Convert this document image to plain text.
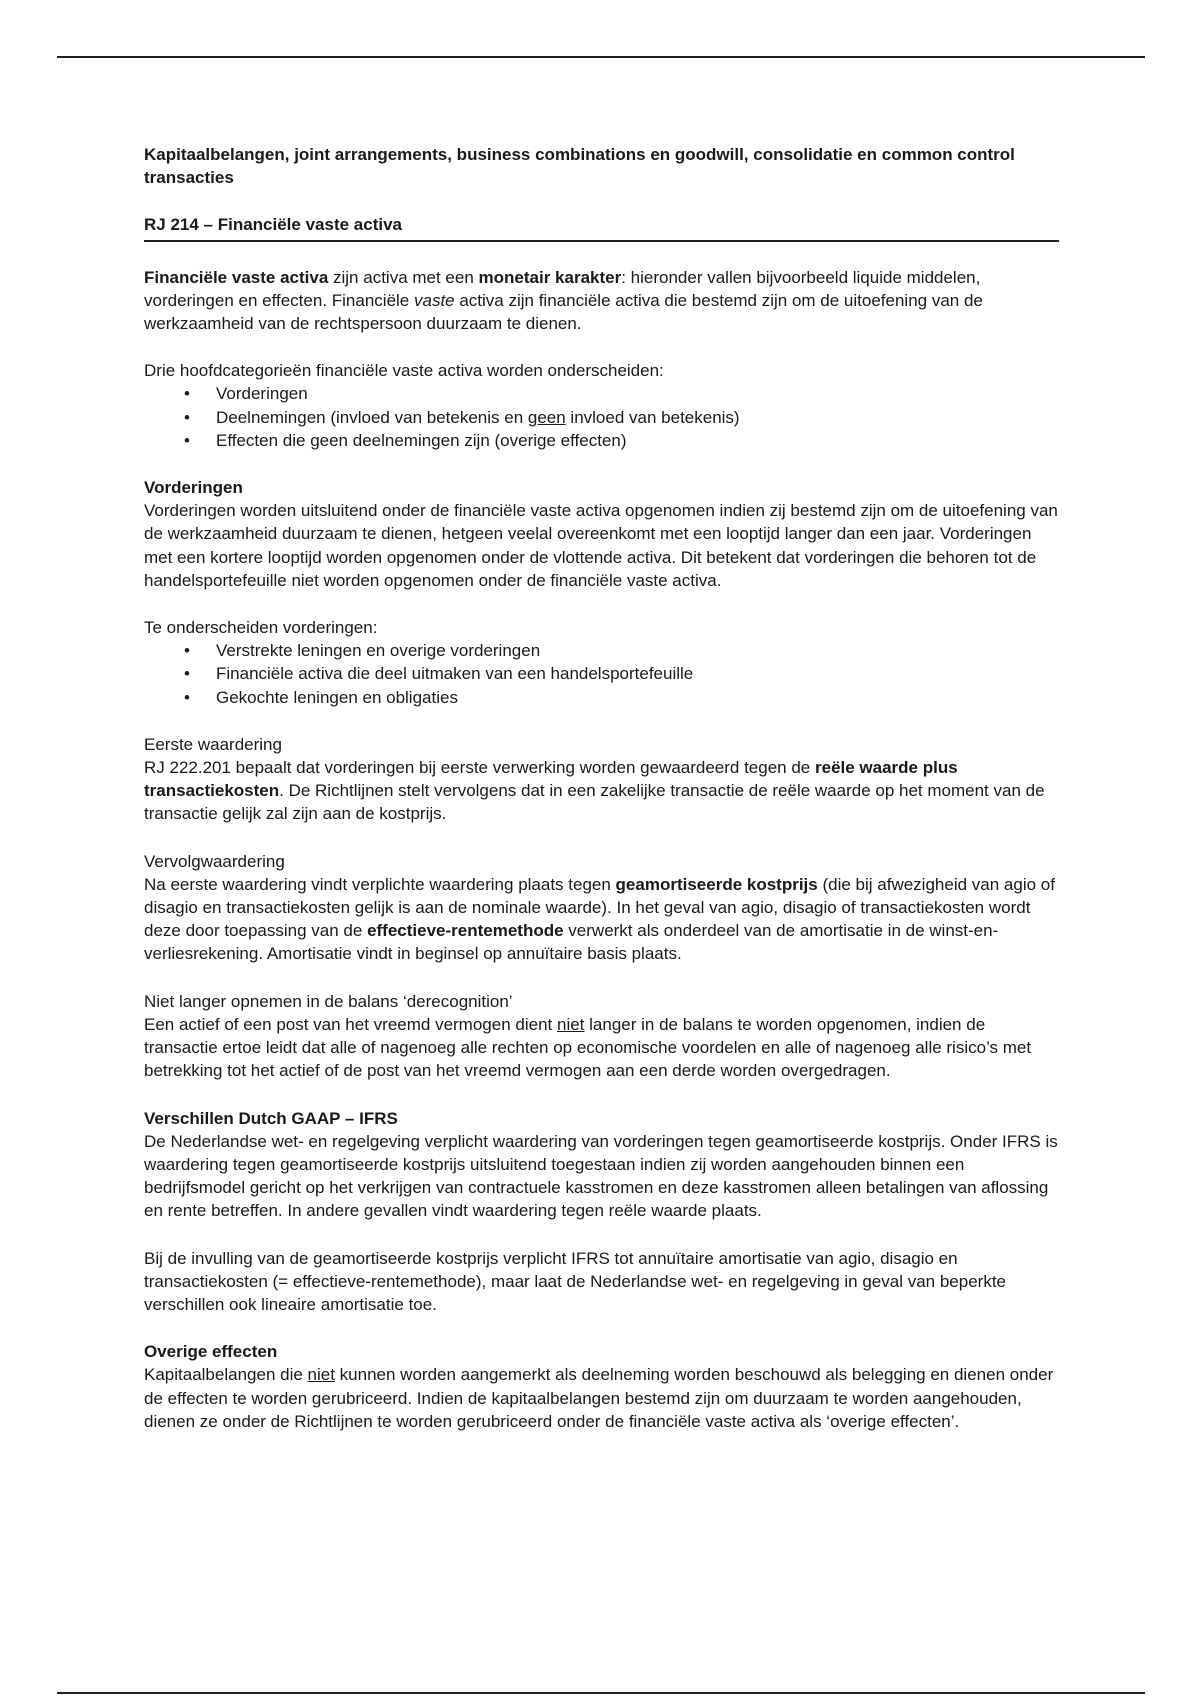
Kapitaalbelangen, joint arrangements, business combinations en goodwill, consolidatie en common control transacties

RJ 214 – Financiële vaste activa

Financiële vaste activa zijn activa met een monetair karakter: hieronder vallen bijvoorbeeld liquide middelen, vorderingen en effecten. Financiële vaste activa zijn financiële activa die bestemd zijn om de uitoefening van de werkzaamheid van de rechtspersoon duurzaam te dienen.

Drie hoofdcategorieën financiële vaste activa worden onderscheiden:

• Vorderingen
• Deelnemingen (invloed van betekenis en geen invloed van betekenis)
• Effecten die geen deelnemingen zijn (overige effecten)

Vorderingen

Vorderingen worden uitsluitend onder de financiële vaste activa opgenomen indien zij bestemd zijn om de uitoefening van de werkzaamheid duurzaam te dienen, hetgeen veelal overeenkomt met een looptijd langer dan een jaar. Vorderingen met een kortere looptijd worden opgenomen onder de vlottende activa. Dit betekent dat vorderingen die behoren tot de handelsportefeuille niet worden opgenomen onder de financiële vaste activa.

Te onderscheiden vorderingen:

• Verstrekte leningen en overige vorderingen
• Financiële activa die deel uitmaken van een handelsportefeuille
• Gekochte leningen en obligaties

Eerste waardering

RJ 222.201 bepaalt dat vorderingen bij eerste verwerking worden gewaardeerd tegen de reële waarde plus transactiekosten. De Richtlijnen stelt vervolgens dat in een zakelijke transactie de reële waarde op het moment van de transactie gelijk zal zijn aan de kostprijs.

Vervolgwaardering

Na eerste waardering vindt verplichte waardering plaats tegen geamortiseerde kostprijs (die bij afwezigheid van agio of disagio en transactiekosten gelijk is aan de nominale waarde). In het geval van agio, disagio of transactiekosten wordt deze door toepassing van de effectieve-rentemethode verwerkt als onderdeel van de amortisatie in de winst-en-verliesrekening. Amortisatie vindt in beginsel op annuïtaire basis plaats.

Niet langer opnemen in de balans ‘derecognition’

Een actief of een post van het vreemd vermogen dient niet langer in de balans te worden opgenomen, indien de transactie ertoe leidt dat alle of nagenoeg alle rechten op economische voordelen en alle of nagenoeg alle risico’s met betrekking tot het actief of de post van het vreemd vermogen aan een derde worden overgedragen.

Verschillen Dutch GAAP – IFRS

De Nederlandse wet- en regelgeving verplicht waardering van vorderingen tegen geamortiseerde kostprijs. Onder IFRS is waardering tegen geamortiseerde kostprijs uitsluitend toegestaan indien zij worden aangehouden binnen een bedrijfsmodel gericht op het verkrijgen van contractuele kasstromen en deze kasstromen alleen betalingen van aflossing en rente betreffen. In andere gevallen vindt waardering tegen reële waarde plaats.

Bij de invulling van de geamortiseerde kostprijs verplicht IFRS tot annuïtaire amortisatie van agio, disagio en transactiekosten (= effectieve-rentemethode), maar laat de Nederlandse wet- en regelgeving in geval van beperkte verschillen ook lineaire amortisatie toe.

Overige effecten

Kapitaalbelangen die niet kunnen worden aangemerkt als deelneming worden beschouwd als belegging en dienen onder de effecten te worden gerubriceerd. Indien de kapitaalbelangen bestemd zijn om duurzaam te worden aangehouden, dienen ze onder de Richtlijnen te worden gerubriceerd onder de financiële vaste activa als ‘overige effecten’.
